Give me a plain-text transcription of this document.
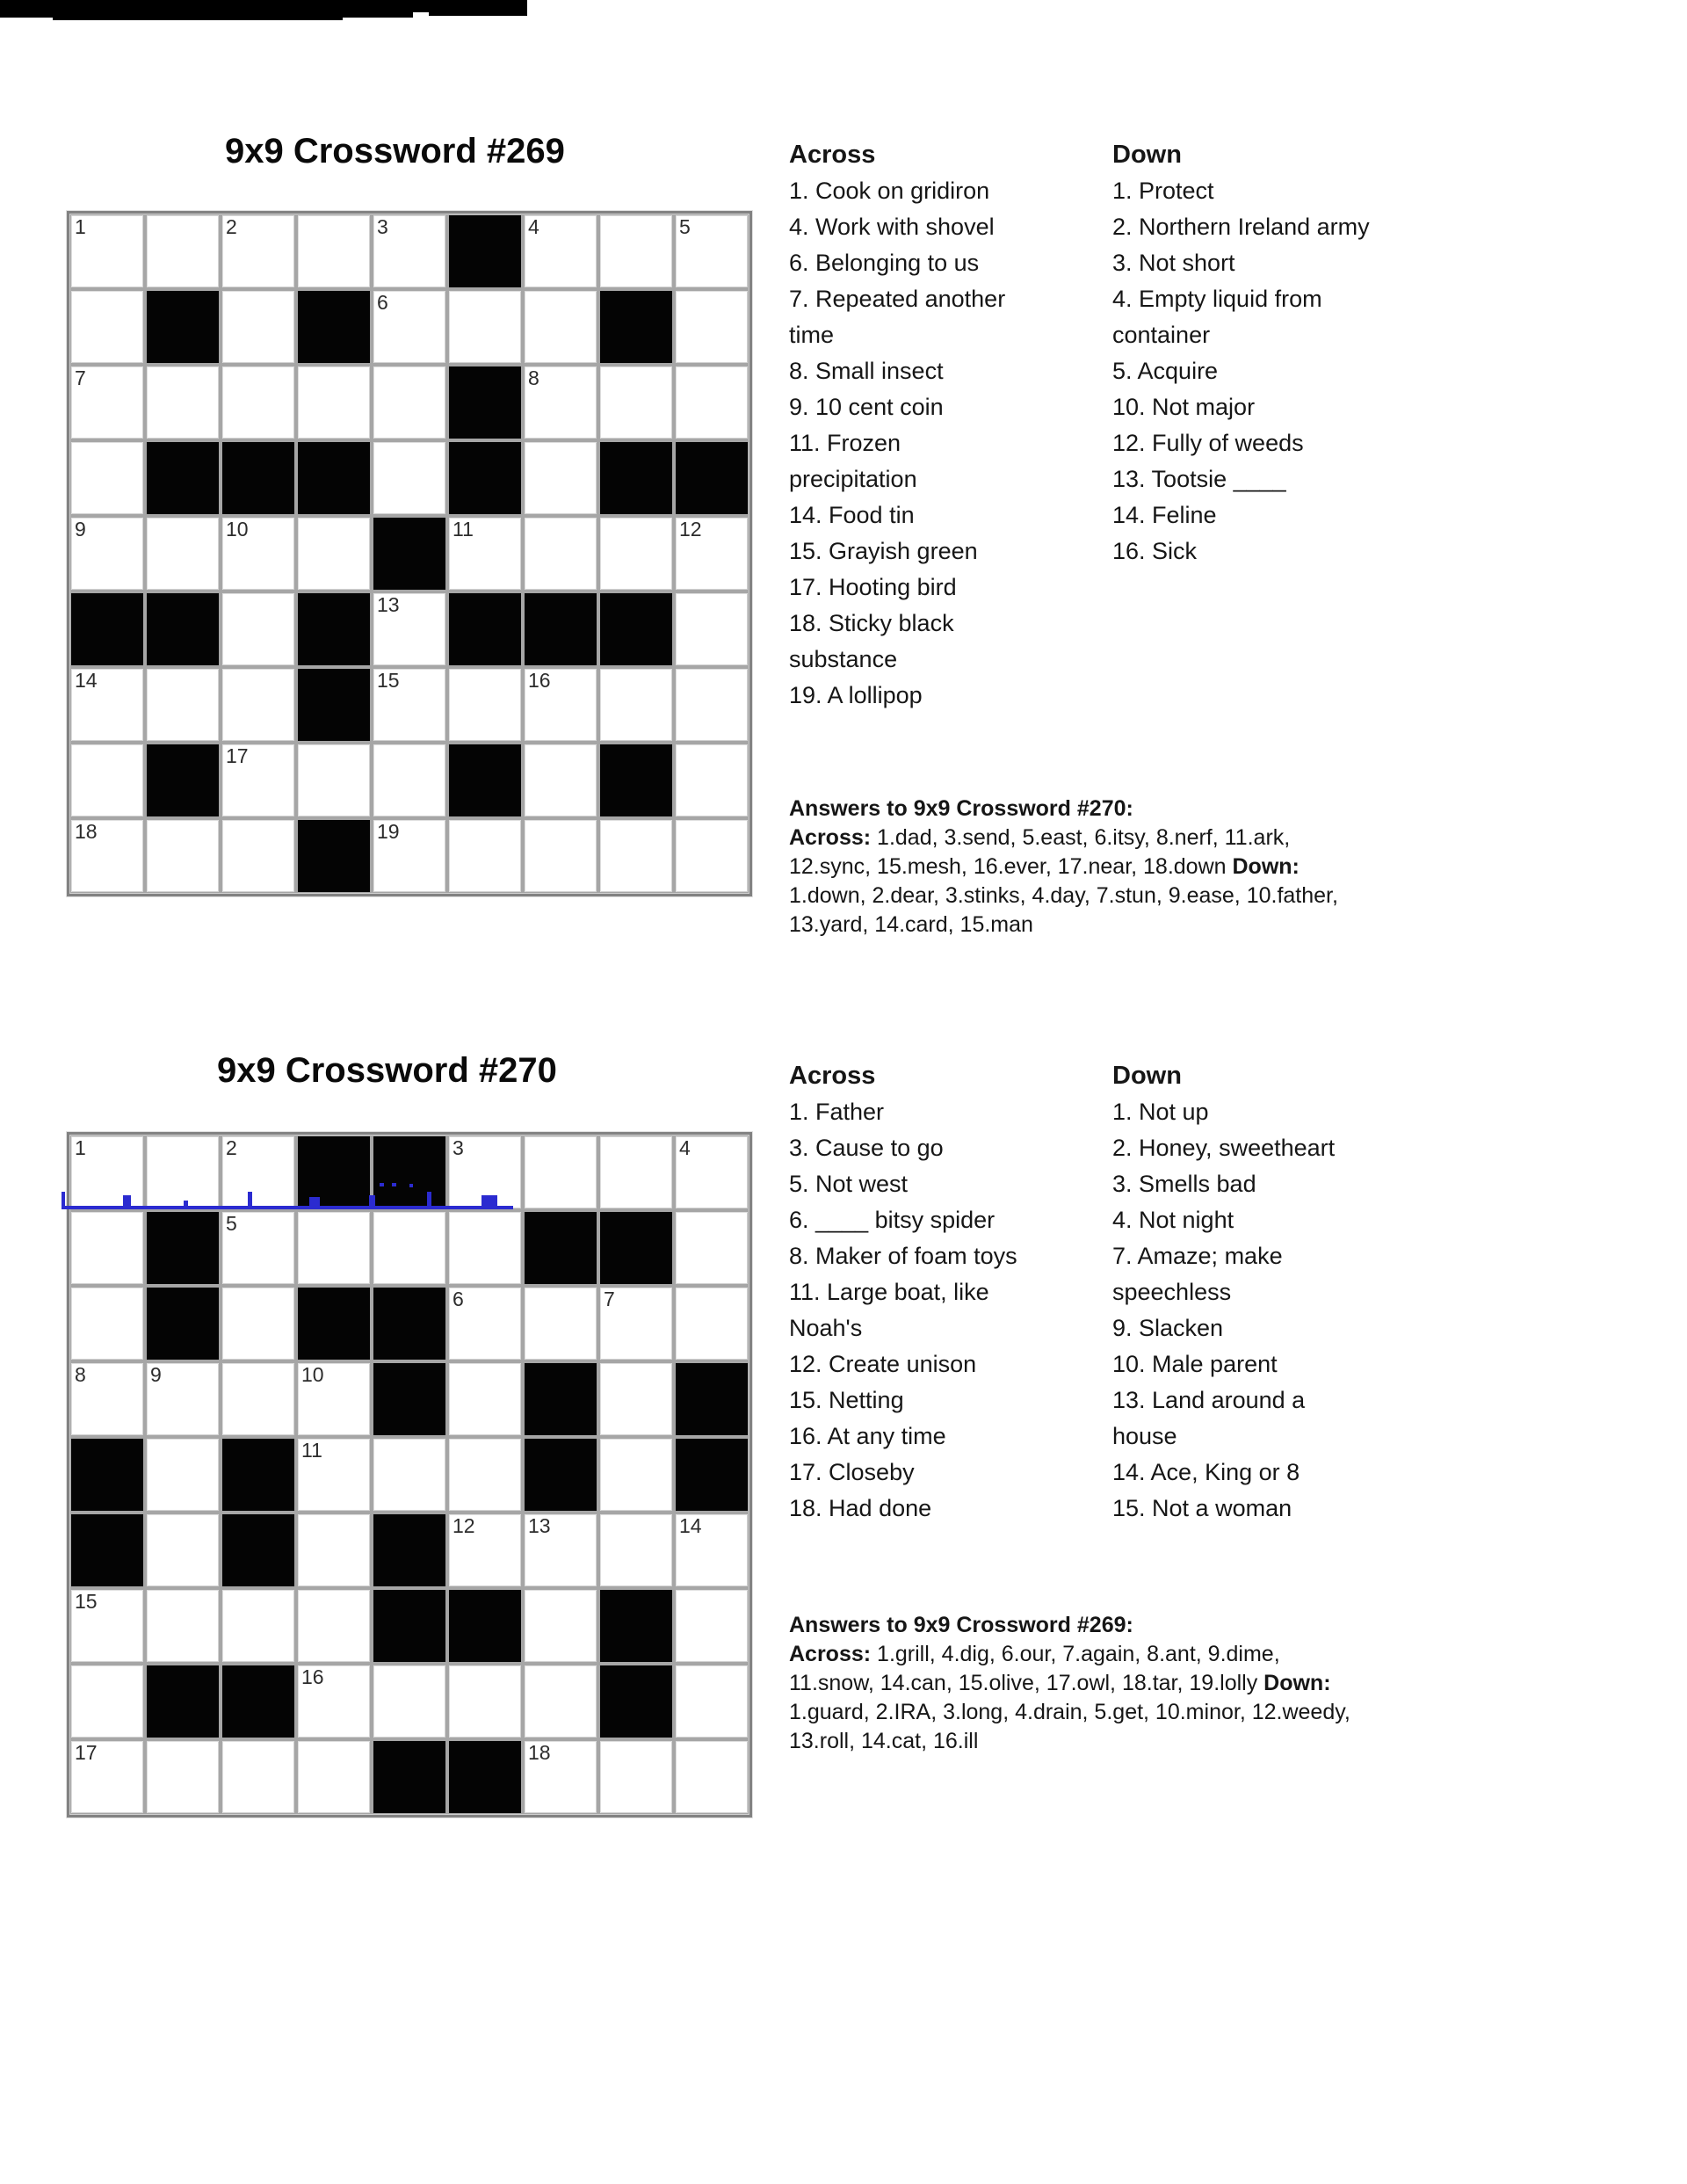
9x9 Crossword #269
1	2	3	4	5
6
7	8
9	10	11	12
13
14	15	16
17
18	19
Across
1. Cook on gridiron
4. Work with shovel
6. Belonging to us
7. Repeated another
time
8. Small insect
9. 10 cent coin
11. Frozen
precipitation
14. Food tin
15. Grayish green
17. Hooting bird
18. Sticky black
substance
19. A lollipop
Down
1. Protect
2. Northern Ireland army
3. Not short
4. Empty liquid from
container
5. Acquire
10. Not major
12. Fully of weeds
13. Tootsie ____
14. Feline
16. Sick
Answers to 9x9 Crossword #270:
Across: 1.dad, 3.send, 5.east, 6.itsy, 8.nerf, 11.ark,
12.sync, 15.mesh, 16.ever, 17.near, 18.down Down:
1.down, 2.dear, 3.stinks, 4.day, 7.stun, 9.ease, 10.father,
13.yard, 14.card, 15.man
9x9 Crossword #270
1	2	3	4
5
6	7
8	9	10
11
12	13	14
15
16
17	18
Across
1. Father
3. Cause to go
5. Not west
6. ____ bitsy spider
8. Maker of foam toys
11. Large boat, like
Noah's
12. Create unison
15. Netting
16. At any time
17. Closeby
18. Had done
Down
1. Not up
2. Honey, sweetheart
3. Smells bad
4. Not night
7. Amaze; make
speechless
9. Slacken
10. Male parent
13. Land around a
house
14. Ace, King or 8
15. Not a woman
Answers to 9x9 Crossword #269:
Across: 1.grill, 4.dig, 6.our, 7.again, 8.ant, 9.dime,
11.snow, 14.can, 15.olive, 17.owl, 18.tar, 19.lolly Down:
1.guard, 2.IRA, 3.long, 4.drain, 5.get, 10.minor, 12.weedy,
13.roll, 14.cat, 16.ill
